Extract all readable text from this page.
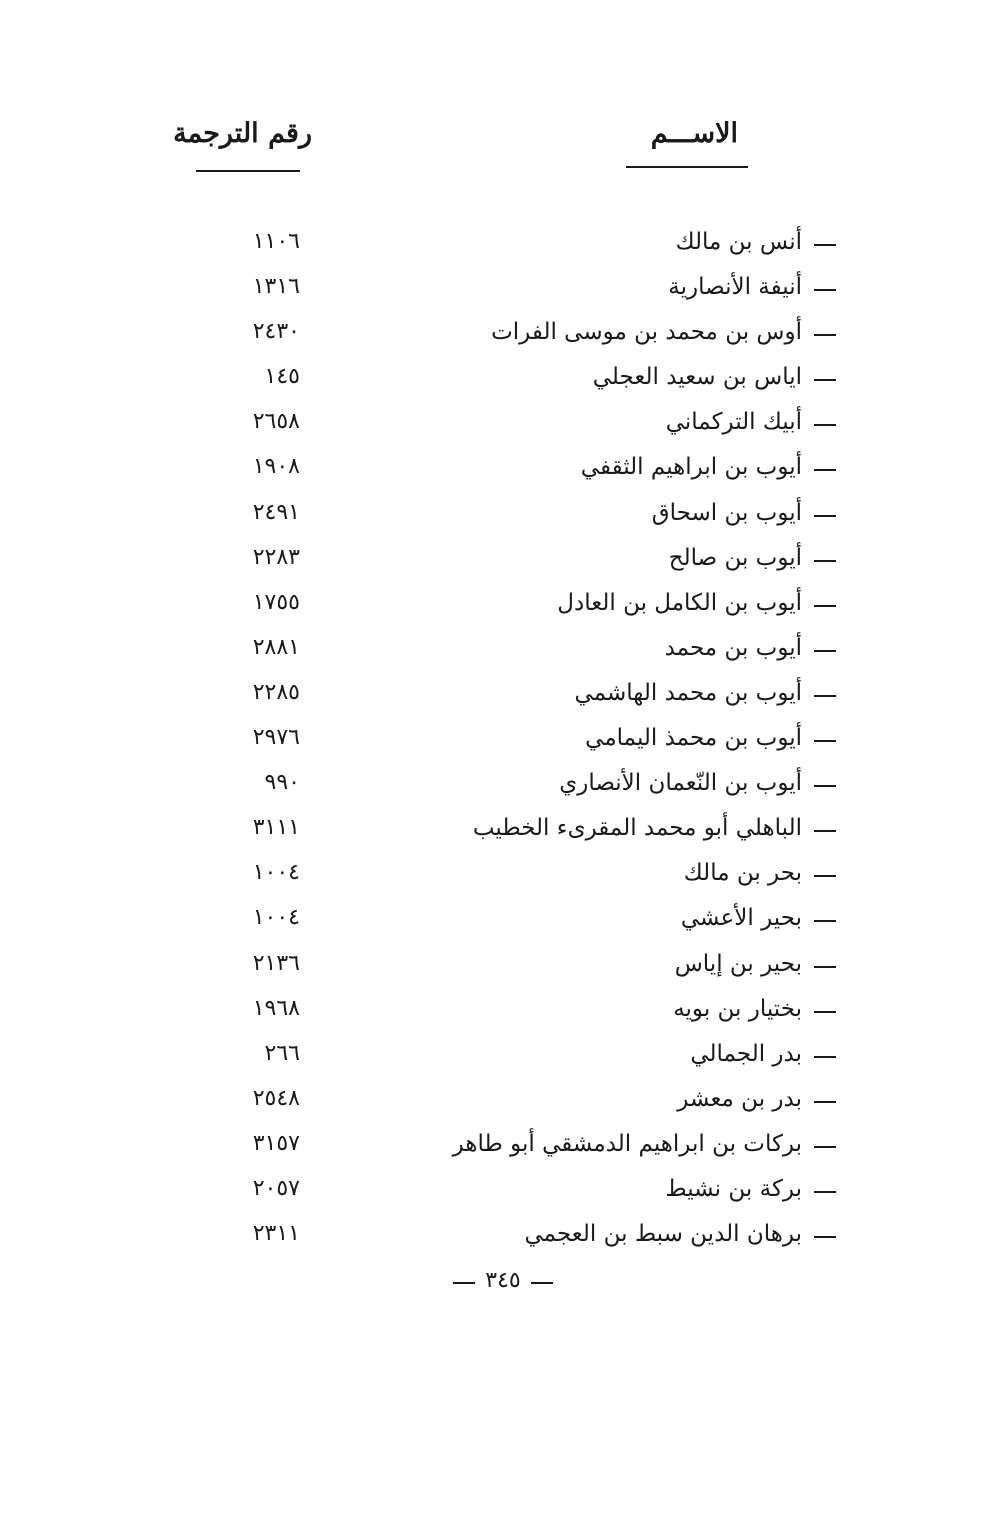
الاســـم
رقم الترجمة
أنس بن مالك
١١٠٦
أنيفة الأنصارية
١٣١٦
أوس بن محمد بن موسى الفرات
٢٤٣٠
اياس بن سعيد العجلي
١٤٥
أبيك التركماني
٢٦٥٨
أيوب بن ابراهيم الثقفي
١٩٠٨
أيوب بن اسحاق
٢٤٩١
أيوب بن صالح
٢٢٨٣
أيوب بن الكامل بن العادل
١٧٥٥
أيوب بن محمد
٢٨٨١
أيوب بن محمد الهاشمي
٢٢٨٥
أيوب بن محمذ اليمامي
٢٩٧٦
أيوب بن النّعمان الأنصاري
٩٩٠
الباهلي أبو محمد المقرىء الخطيب
٣١١١
بحر بن مالك
١٠٠٤
بحير الأعشي
١٠٠٤
بحير بن إياس
٢١٣٦
بختيار بن بويه
١٩٦٨
بدر الجمالي
٢٦٦
بدر بن معشر
٢٥٤٨
بركات بن ابراهيم الدمشقي أبو طاهر
٣١٥٧
بركة بن نشيط
٢٠٥٧
برهان الدين سبط بن العجمي
٢٣١١
٣٤٥
